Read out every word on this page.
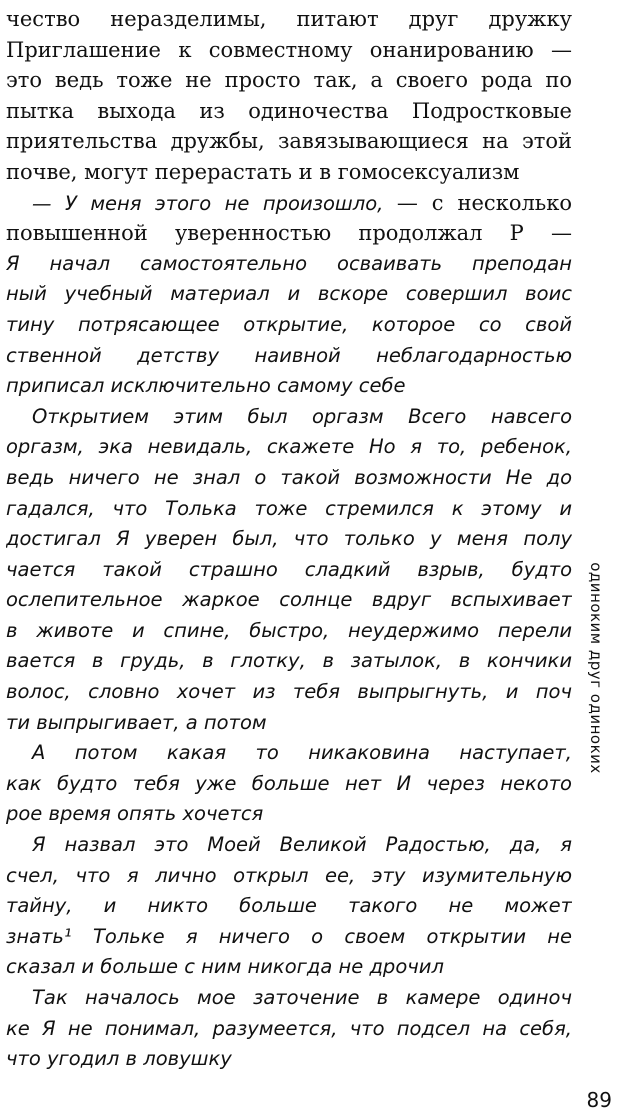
чество неразделимы, питают друг дружку
Приглашение к совместному онанированию —
это ведь тоже не просто так, а своего рода по
пытка выхода из одиночества Подростковые
приятельства дружбы, завязывающиеся на этой
почве, могут перерастать и в гомосексуализм
— У меня этого не произошло, — с несколько
повышенной уверенностью продолжал Р —
Я начал самостоятельно осваивать преподан
ный учебный материал и вскоре совершил воис
тину потрясающее открытие, которое со свой
ственной детству наивной неблагодарностью
приписал исключительно самому себе
Открытием этим был оргазм Всего навсего
оргазм, эка невидаль, скажете Но я то, ребенок,
ведь ничего не знал о такой возможности Не до
гадался, что Толька тоже стремился к этому и
достигал Я уверен был, что только у меня полу
чается такой страшно сладкий взрыв, будто
ослепительное жаркое солнце вдруг вспыхивает
в животе и спине, быстро, неудержимо перели
вается в грудь, в глотку, в затылок, в кончики
волос, словно хочет из тебя выпрыгнуть, и поч
ти выпрыгивает, а потом
А потом какая то никаковина наступает,
как будто тебя уже больше нет И через некото
рое время опять хочется
Я назвал это Моей Великой Радостью, да, я
счел, что я лично открыл ее, эту изумительную
тайну, и никто больше такого не может
знать¹ Тольке я ничего о своем открытии не
сказал и больше с ним никогда не дрочил
Так началось мое заточение в камере одиноч
ке Я не понимал, разумеется, что подсел на себя,
что угодил в ловушку
одиноким друг одиноких
89
